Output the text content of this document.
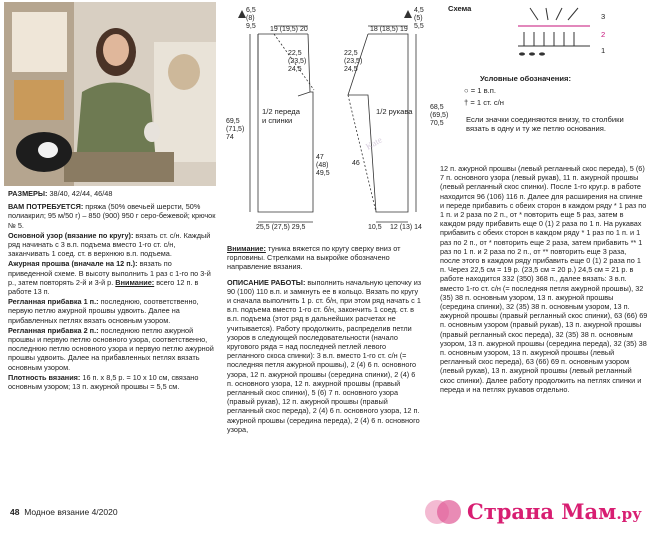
РАЗМЕРЫ: 38/40, 42/44, 46/48

ВАМ ПОТРЕБУЕТСЯ: пряжа (50% овечьей шерсти, 50% полиакрил; 95 м/50 г) – 850 (900) 950 г серо-бежевой; крючок № 5.

Основной узор (вязание по кругу): вязать ст. с/н. Каждый ряд начинать с 3 в.п. подъема вместо 1-го ст. с/н, заканчивать 1 соед. ст. в верхнюю в.п. подъема.

Ажурная прошва (вначале на 12 п.): вязать по приведенной схеме. В высоту выполнить 1 раз с 1-го по 3-й р., затем повторять 2-й и 3-й р. Внимание: всего 12 п. в работе 13 п.

Регланная прибавка 1 п.: последнюю, соответственно, первую петлю ажурной прошвы удвоить. Далее на прибавленных петлях вязать основным узором.

Регланная прибавка 2 п.: последнюю петлю ажурной прошвы и первую петлю основного узора, соответственно, последнюю петлю основного узора и первую петлю ажурной прошвы удвоить. Далее на прибавленных петлях вязать основным узором.

Плотность вязания: 16 п. х 8,5 р. = 10 х 10 см, связано основным узором; 13 п. ажурной прошвы = 5,5 см.

48 Модное вязание 4/2020
Kate
6,5
(8)
9,5 19 (19,5) 20
22,5
(23,5)
24,5
69,5
(71,5)
74
1/2 переда
и спинки
47
(48)
49,5
25,5 (27,5) 29,5
18 (18,5) 19
4,5
(5)
5,5
22,5
(23,5)
24,5
1/2 рукава
46
68,5
(69,5)
70,5
10,5 12 (13) 14

Внимание: туника вяжется по кругу сверху вниз от горловины. Стрелками на выкройке обозначено направление вязания.

ОПИСАНИЕ РАБОТЫ: выполнить начальную цепочку из 90 (100) 110 в.п. и замкнуть ее в кольцо. Вязать по кругу и сначала выполнить 1 р. ст. б/н, при этом ряд начать с 1 в.п. подъема вместо 1-го ст. б/н, закончить 1 соед. ст. в в.п. подъема (этот ряд в дальнейших расчетах не учитывается). Работу продолжить, распределив петли узоров в следующей последовательности (начало кругового ряда = над последней петлей левого регланного скоса спинки): 3 в.п. вместо 1-го ст. с/н (= последняя петля ажурной прошвы), 2 (4) 6 п. основного узора, 12 п. ажурной прошвы (середина спинки), 2 (4) 6 п. основного узора, 12 п. ажурной прошвы (правый регланный скос спинки), 5 (6) 7 п. основного узора (правый рукав), 12 п. ажурной прошвы (правый регланный скос переда), 2 (4) 6 п. основного узора, 12 п. ажурной прошвы (середина переда), 2 (4) 6 п. основного узора,

Схема
3
2
1
Условные обозначения:
○ = 1 в.п.
† = 1 ст. с/н
Если значки соединяются внизу, то столбики вязать в одну и ту же петлю основания.

12 п. ажурной прошвы (левый регланный скос переда), 5 (6) 7 п. основного узора (левый рукав), 11 п. ажурной прошвы (левый регланный скос спинки). После 1-го круг.р. в работе находится 96 (106) 116 п. Далее для расширения на спинке и переде прибавить с обеих сторон в каждом ряду * 1 раз по 1 п. и 2 раза по 2 п., от * повторить еще 5 раз, затем в каждом ряду прибавить еще 0 (1) 2 раза по 1 п. На рукавах прибавить с обеих сторон в каждом ряду * 1 раз по 1 п. и 1 раз по 2 п., от * повторить еще 2 раза, затем прибавить ** 1 раз по 1 п. и 2 раза по 2 п., от ** повторить еще 3 раза, после этого в каждом ряду прибавить еще 0 (1) 2 раза по 1 п. Через 22,5 см = 19 р. (23,5 см = 20 р.) 24,5 см = 21 р. в работе находится 332 (350) 368 п., далее вязать: 3 в.п. вместо 1-го ст. с/н (= последняя петля ажурной прошвы), 32 (35) 38 п. основным узором, 13 п. ажурной прошвы (середина спинки), 32 (35) 38 п. основным узором, 13 п. ажурной прошвы (правый регланный скос спинки), 63 (66) 69 п. основным узором (правый рукав), 13 п. ажурной прошвы (правый регланный скос переда), 32 (35) 38 п. основным узором, 13 п. ажурной прошвы (середина переда), 32 (35) 38 п. основным узором, 13 п. ажурной прошвы (левый регланный скос переда), 63 (66) 69 п. основным узором (левый рукав), 13 п. ажурной прошвы (левый регланный скос спинки). Далее работу продолжить на петлях спинки и переда и на петлях рукавов отдельно.

Страна Мам.ру
